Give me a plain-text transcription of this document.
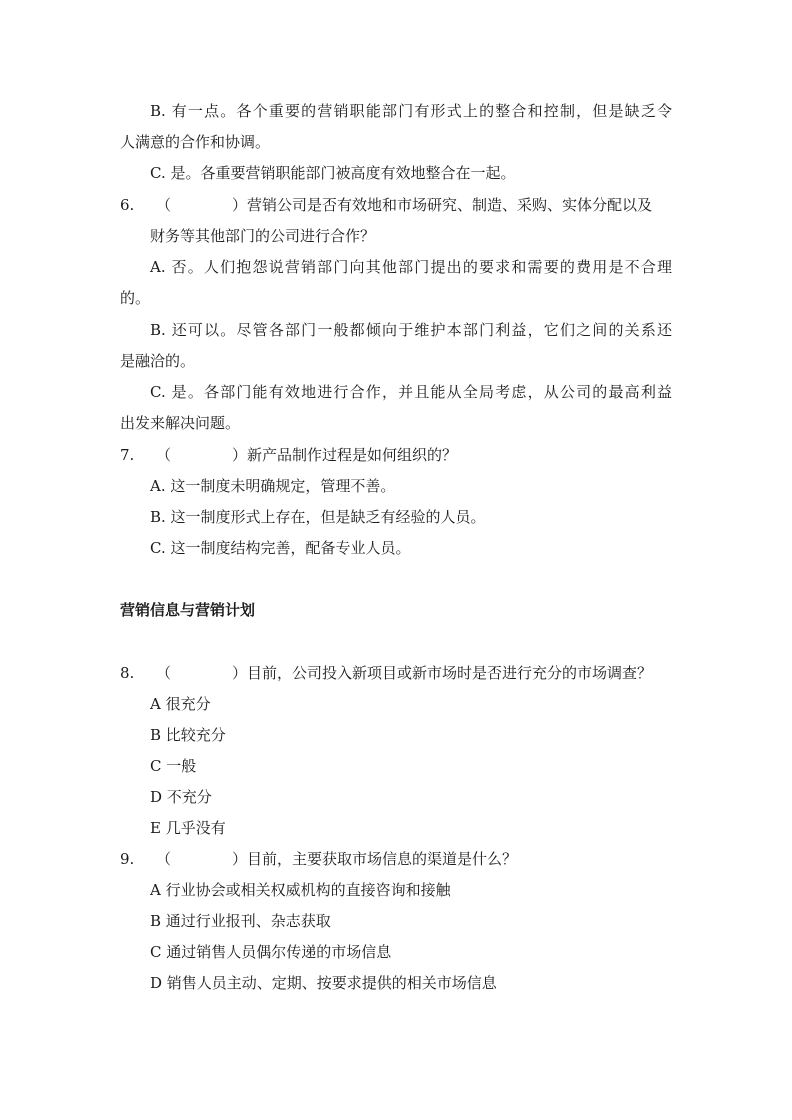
B. 有一点。各个重要的营销职能部门有形式上的整合和控制，但是缺乏令
人满意的合作和协调。
C. 是。各重要营销职能部门被高度有效地整合在一起。
6. （	）营销公司是否有效地和市场研究、制造、采购、实体分配以及
财务等其他部门的公司进行合作？
A. 否。人们抱怨说营销部门向其他部门提出的要求和需要的费用是不合理
的。
B. 还可以。尽管各部门一般都倾向于维护本部门利益，它们之间的关系还
是融洽的。
C. 是。各部门能有效地进行合作，并且能从全局考虑，从公司的最高利益
出发来解决问题。
7. （	）新产品制作过程是如何组织的？
A. 这一制度未明确规定，管理不善。
B. 这一制度形式上存在，但是缺乏有经验的人员。
C. 这一制度结构完善，配备专业人员。
营销信息与营销计划
8. （	）目前，公司投入新项目或新市场时是否进行充分的市场调查？
A 很充分
B 比较充分
C 一般
D 不充分
E 几乎没有
9. （	）目前，主要获取市场信息的渠道是什么？
A 行业协会或相关权威机构的直接咨询和接触
B 通过行业报刊、杂志获取
C 通过销售人员偶尔传递的市场信息
D 销售人员主动、定期、按要求提供的相关市场信息
